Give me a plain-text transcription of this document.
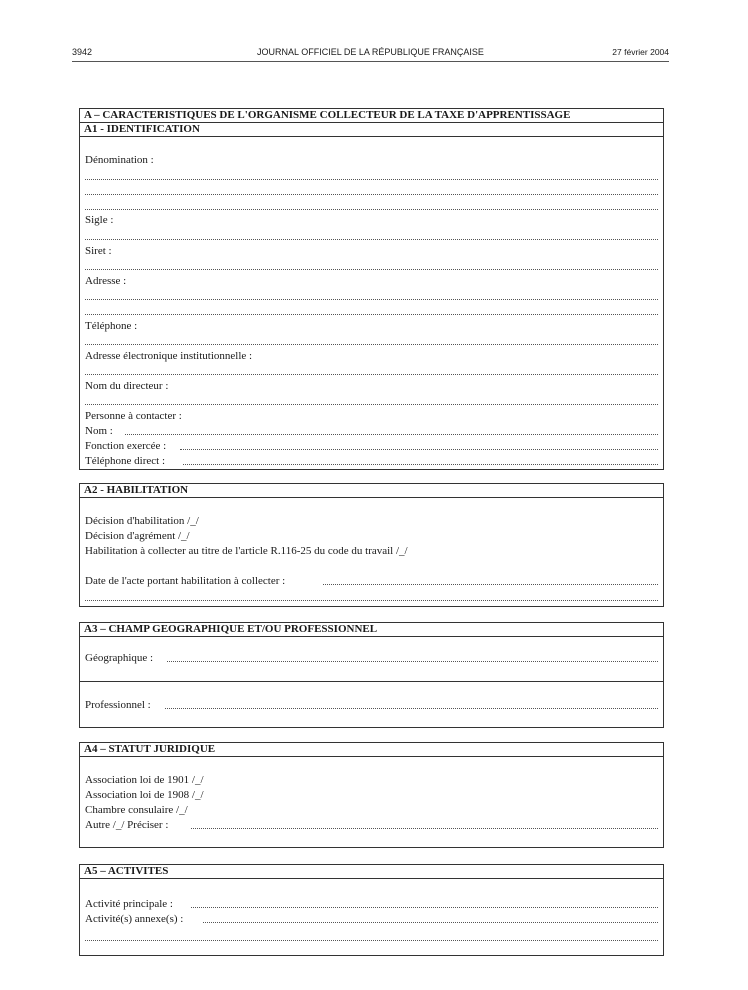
3942	JOURNAL OFFICIEL DE LA RÉPUBLIQUE FRANÇAISE	27 février 2004
A – CARACTERISTIQUES DE L'ORGANISME COLLECTEUR DE LA TAXE D'APPRENTISSAGE
A1 - IDENTIFICATION
Dénomination :
Sigle :
Siret :
Adresse :
Téléphone :
Adresse électronique institutionnelle :
Nom du directeur :
Personne à contacter :
Nom :
Fonction exercée :
Téléphone direct :
A2 - HABILITATION
Décision d'habilitation /_/
Décision d'agrément /_/
Habilitation à collecter au titre de l'article R.116-25 du code du travail /_/
Date de l'acte portant habilitation à collecter :
A3 – CHAMP GEOGRAPHIQUE ET/OU PROFESSIONNEL
Géographique :
Professionnel :
A4 – STATUT JURIDIQUE
Association loi de 1901 /_/
Association loi de 1908 /_/
Chambre consulaire /_/
Autre /_/ Préciser :
A5 – ACTIVITES
Activité principale :
Activité(s) annexe(s) :
